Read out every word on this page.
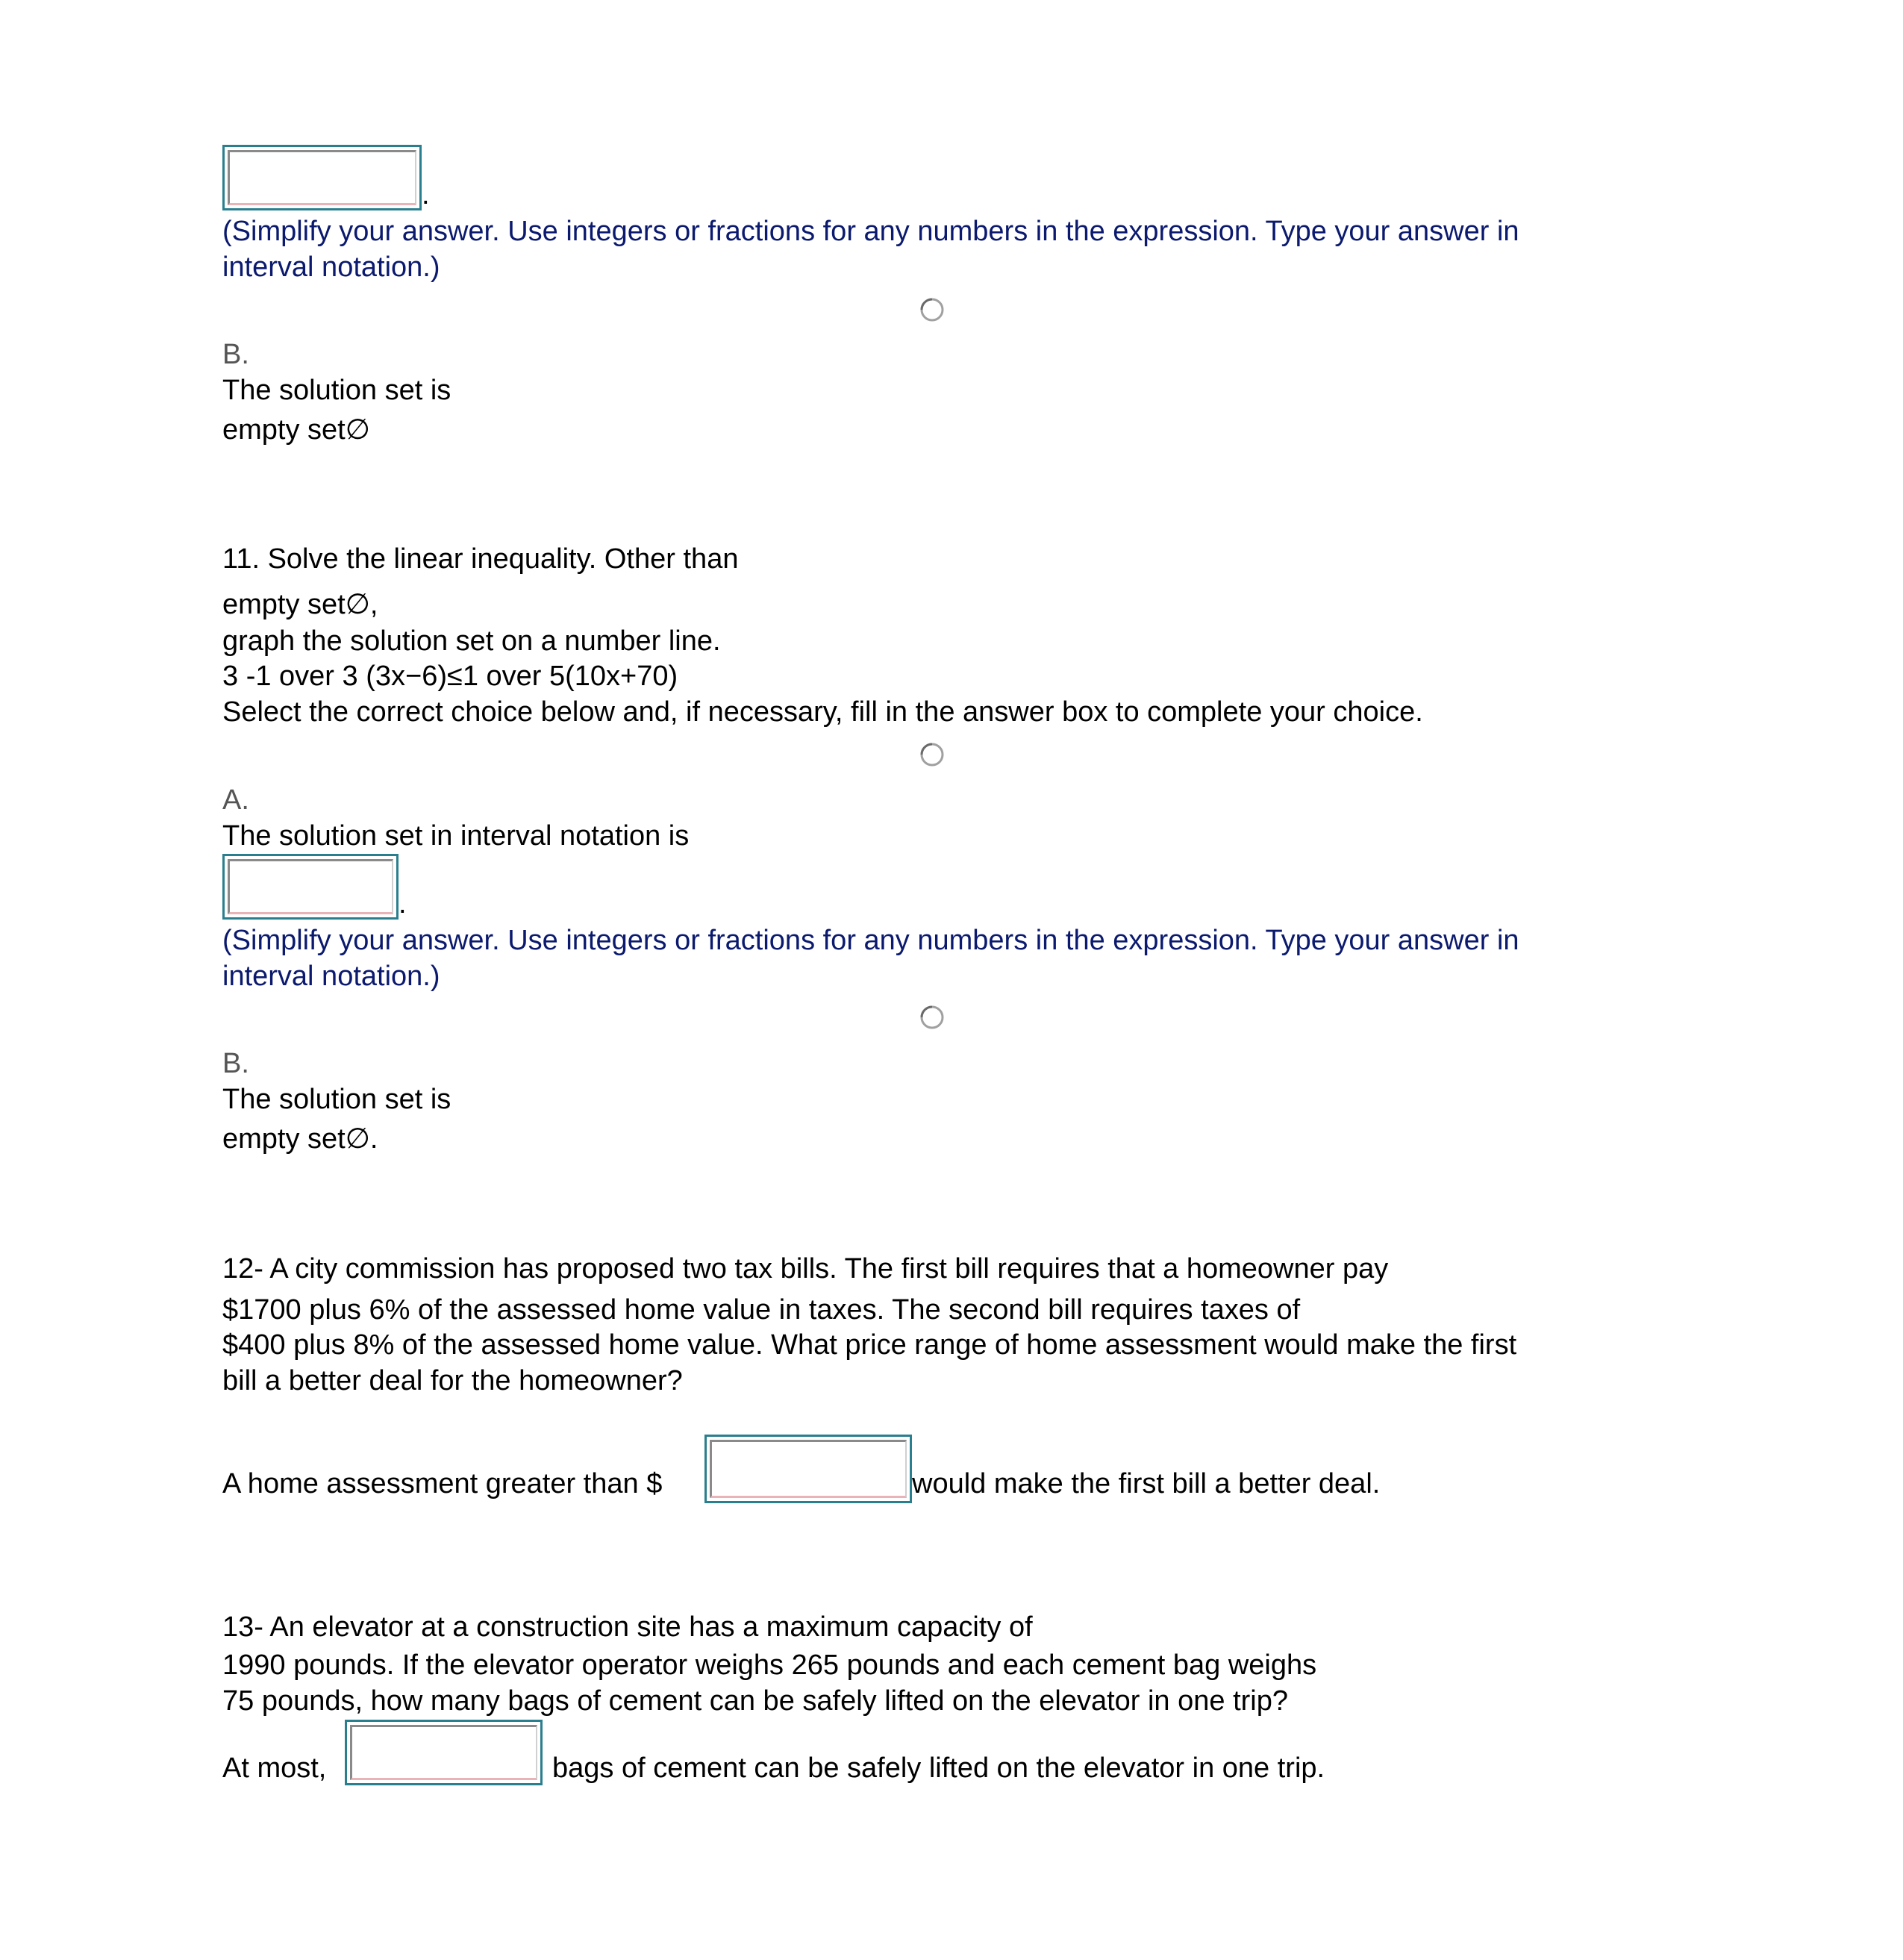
.
(Simplify your answer. Use integers or fractions for any numbers in the expression. Type your answer in
interval notation.)
B.
The solution set is
empty set∅
11. Solve the linear inequality. Other than
empty set∅,
graph the solution set on a number line.
3 -1 over 3 (3x−6)≤1 over 5(10x+70)
Select the correct choice below and, if necessary, fill in the answer box to complete your choice.
A.
The solution set in interval notation is
.
(Simplify your answer. Use integers or fractions for any numbers in the expression. Type your answer in
interval notation.)
B.
The solution set is
empty set∅.
12- A city commission has proposed two tax bills. The first bill requires that a homeowner pay
$1700 plus 6% of the assessed home value in taxes. The second bill requires taxes of
$400 plus 8% of the assessed home value. What price range of home assessment would make the first
bill a better deal for the homeowner?
A home assessment greater than $	would make the first bill a better deal.
13- An elevator at a construction site has a maximum capacity of
1990 pounds. If the elevator operator weighs 265 pounds and each cement bag weighs
75 pounds, how many bags of cement can be safely lifted on the elevator in one trip?
At most,	bags of cement can be safely lifted on the elevator in one trip.
